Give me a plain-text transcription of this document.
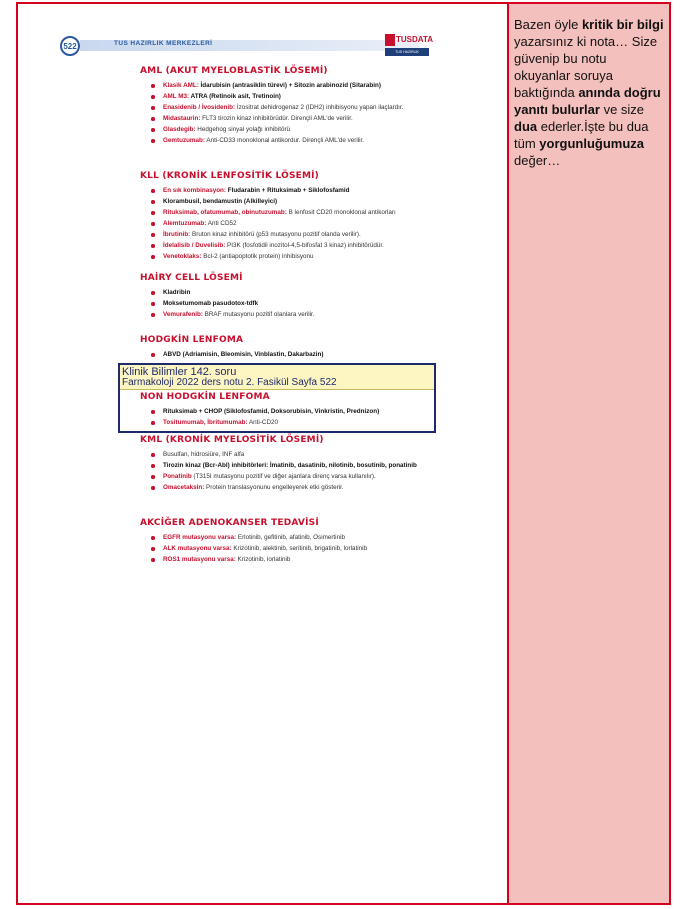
522	TUS HAZIRLIK MERKEZLERİ	TUSDATA
TUS HAZIRLIK MERKEZLERİ
AML (AKUT MYELOBLASTİK LÖSEMİ)
Klasik AML: İdarubisin (antrasiklin türevi) + Sitozin arabinozid (Sitarabin)
AML M3: ATRA (Retinoik asit, Tretinoin)
Enasidenib / İvosidenib: İzositrat dehidrogenaz 2 (IDH2) inhibisyonu yapan ilaçlardır.
Midastaurin: FLT3 tirozin kinaz inhibitörüdür. Dirençli AML'de verilir.
Glasdegib: Hedgehog sinyal yolağı inhibitörü
Gemtuzumab: Anti-CD33 monoklonal antikordur. Dirençli AML'de verilir.
KLL (KRONİK LENFOSİTİK LÖSEMİ)
En sık kombinasyon: Fludarabin + Rituksimab + Siklofosfamid
Klorambusil, bendamustin (Alkilleyici)
Rituksimab, ofatumumab, obinutuzumab: B lenfosit CD20 monoklonal antikorları
Alemtuzumab: Anti CD52
İbrutinib: Bruton kinaz inhibitörü (p53 mutasyonu pozitif olanda verilir).
İdelalisib / Duvelisib: PI3K (fosfotidil inozitol-4,5-bifosfat 3 kinaz) inhibitörüdür.
Venetoklaks: Bcl-2 (antiapoptotik protein) inhibisyonu
HAİRY CELL LÖSEMİ
Kladribin
Moksetumomab pasudotox-tdfk
Vemurafenib: BRAF mutasyonu pozitif olanlara verilir.
HODGKİN LENFOMA
ABVD (Adriamisin, Bleomisin, Vinblastin, Dakarbazin)
Klinik Bilimler 142. soru
Farmakoloji 2022 ders notu 2. Fasikül Sayfa 522
NON HODGKİN LENFOMA
Rituksimab + CHOP (Siklofosfamid, Doksorubisin, Vinkristin, Prednizon)
Tositumumab, İbritumumab: Anti-CD20
KML (KRONİK MYELOSİTİK LÖSEMİ)
Busulfan, hidrosiüre, INF alfa
Tirozin kinaz (Bcr-Abl) inhibitörleri: İmatinib, dasatinib, nilotinib, bosutinib, ponatinib
Ponatinib (T315I mutasyonu pozitif ve diğer ajanlara direnç varsa kullanılır).
Omacetaksin: Protein translasyonunu engelleyerek etki gösterir.
AKCİĞER ADENOKANSER TEDAVİSİ
EGFR mutasyonu varsa: Erlotinib, gefitinib, afatinib, Osimertinib
ALK mutasyonu varsa: Krizotinib, alektinib, seritinib, brigatinib, lorlatinib
ROS1 mutasyonu varsa: Krizotinib, lorlatinib
Bazen öyle kritik bir bilgi yazarsınız ki nota… Size güvenip bu notu okuyanlar soruya baktığında anında doğru yanıtı bulurlar ve size dua ederler.İşte bu dua tüm yorgunluğumuza değer…
